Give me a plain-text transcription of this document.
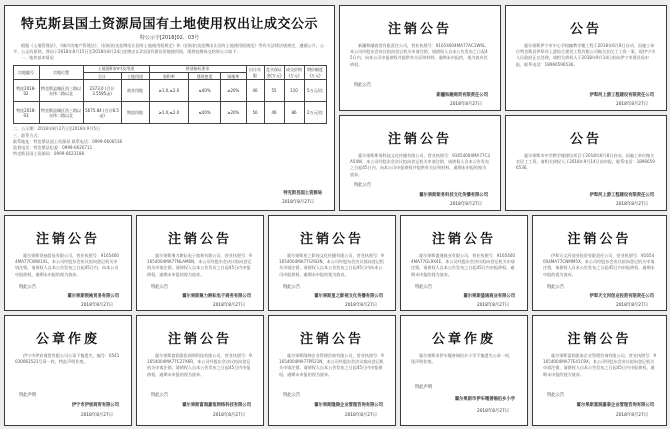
特克斯县国土资源局国有土地使用权出让成交公示
特公示字[2018]02、03号
根据《土地管理法》、《城市房地产管理法》、《招标拍卖挂牌出让国有土地使用权规定》和《招标拍卖挂牌出让国有土地使用权规范》等有关法律法规规定，遵循公开、公平、公正的原则，我局于2018年8月15日至2018年8月24日挂牌出让2宗国有建设用地使用权，现将挂牌成交结果公示如下：
一、地块基本情况
宗地编号	宗地位置	土地面积(m²)及用途		规划指标要求			出让年限	竞买保证金(万元)	成交价格(万元)	增价幅度(万元)
		合计	土地用途	容积率	建筑密度	绿地率				
特挂2018-02	特克斯县城区西三路以东纬二路以北	2373.0 (合计3.5595亩)	商业用地	≥1.0,≤2.0	≤40%	≥20%	40	55	110	5万元/次
特挂2018-03	特克斯县城区西三路以东纬二路以北	5675.84 (合计8.5亩)	物流用地	≥1.0,≤2.0	≤40%	≥20%	50	46	86	2万元/次
二、公示期：2018年8月27日至2018年9月5日
三、联系方式：
联系地址：特克斯县国土资源局 联系电话：0999-6606536
监督电话：特克斯县纪委：0999-6626711
特克斯县国土资源局：0999-6623188
特克斯县国土资源局
2018年8月27日
注销公告
新疆和融商贸有限责任公司，营业执照号：91654004MA77AC1W6L，本公司经股东会决议拟向登记机关申请注销，请债权人自本公告发布之日起45日内，向本公司申报债权并提供有关证明材料。逾期未申报的，视为放弃其债权。
特此公告
新疆和融商贸有限责任公司
2018年8月27日
公告
霍尔果斯伊宁市中心学校幢教学楼工程于2018年6月8日启动，因施工单位特克斯县伊犁河上游综合建设工程有限公司拖欠农民工工资一案，现伊宁市人民政府正在处理，请相关债权人于2018年9月14日前向伊宁市建设局申报，联系电话：18966596536。
伊犁河上游工程建设有限责任公司
2018年8月27日
注销公告
霍尔果斯斯务科技文化传播有限公司，营业执照号：91654004MA77C3A54W，本公司经股东会决议拟向登记机关申请注销，请债权人自本公告发布之日起45日内，向本公司申报债权并提供有关证明材料，逾期未申报的视为放弃。
特此公告
霍尔果斯斯务科技文化传播有限公司
2018年8月27日
公告
霍尔果斯市中学教学楼建设项目于2018年6月8日启动，因施工单位拖欠农民工工资，请相关债权人于2018年9月14日前申报，联系电话：18966596536。
伊犁河上游工程建设有限责任公司
2018年8月27日
注销公告
霍尔果斯领袖贸易有限公司，营业执照号：91654004MA77CWW1XL，本公司经股东会决议拟向登记机关申请注销，请债权人自本公告发布之日起45日内，向本公司申报债权，逾期未申报的视为放弃。
特此公告
霍尔果斯领袖贸易有限公司
2018年8月27日
注销公告
霍尔果斯聚力耕耘电子商务有限公司，营业执照号：91654004MA77NLAM6N，本公司经股东会决议拟向登记机关申请注销，请债权人自本公告发布之日起45日内申报债权，逾期未申报的视为放弃。
特此公告
霍尔果斯聚力耕耘电子商务有限公司
2018年8月27日
注销公告
霍尔果斯星之影视文化传播有限公司，营业执照号：91654004MA77GY83N，本公司经股东会决议拟向登记机关申请注销，请债权人自本公告发布之日起45日内向本公司申报债权，逾期未申报的视为放弃。
特此公告
霍尔果斯星之影视文化传播有限公司
2018年8月27日
注销公告
霍尔果斯盛通商业有限公司，营业执照号：91654004MA77GL9X4E，本公司经股东会决议拟向登记机关申请注销，请债权人自本公告发布之日起45日内申报债权，逾期未申报的视为放弃。
特此公告
霍尔果斯盛通商业有限公司
2018年8月27日
注销公告
伊犁天文河创业投资有限责任公司，营业执照号：91654004MA77CNMM5X，本公司经股东会决议拟向登记机关申请注销，请债权人自本公告发布之日起45日内申报债权，逾期未申报的视为放弃。
特此公告
伊犁天文河创业投资有限责任公司
2018年8月27日
公章作废
伊宁市伊宸商贸有限公司公章不慎遗失，编号：6541030063521号章一枚，特此声明作废。
特此声明
伊宁市伊宸商贸有限公司
2018年8月27日
注销公告
霍尔果斯富润嘉恒网络科技有限公司，营业执照号：91654004MA77C27X6R，本公司经股东会决议拟向登记机关申请注销，请债权人自本公告发布之日起45日内申报债权，逾期未申报的视为放弃。
特此公告
霍尔果斯富润嘉恒网络科技有限公司
2018年8月27日
注销公告
霍尔果斯隆锦企业管理咨询有限公司，营业执照号：91654004MA77PR21N，本公司经股东会决议拟向登记机关申请注销，请债权人自本公告发布之日起45日内申报债权，逾期未申报的视为放弃。
特此公告
霍尔果斯隆锦企业管理咨询有限公司
2018年8月27日
公章作废
霍尔果斯市伊车嘎善锡伯乡小学不慎遗失公章一枚，现声明作废。
特此声明
霍尔果斯市伊车嘎善锡伯乡小学
2018年8月27日
注销公告
霍尔果斯富润嘉泰企业管理咨询有限公司，营业执照号：91654004MA77E41C9X，本公司经股东会决议拟向登记机关申请注销，请债权人自本公告发布之日起45日内申报债权，逾期未申报的视为放弃。
特此公告
霍尔果斯富润嘉泰企业管理咨询有限公司
2018年8月27日
